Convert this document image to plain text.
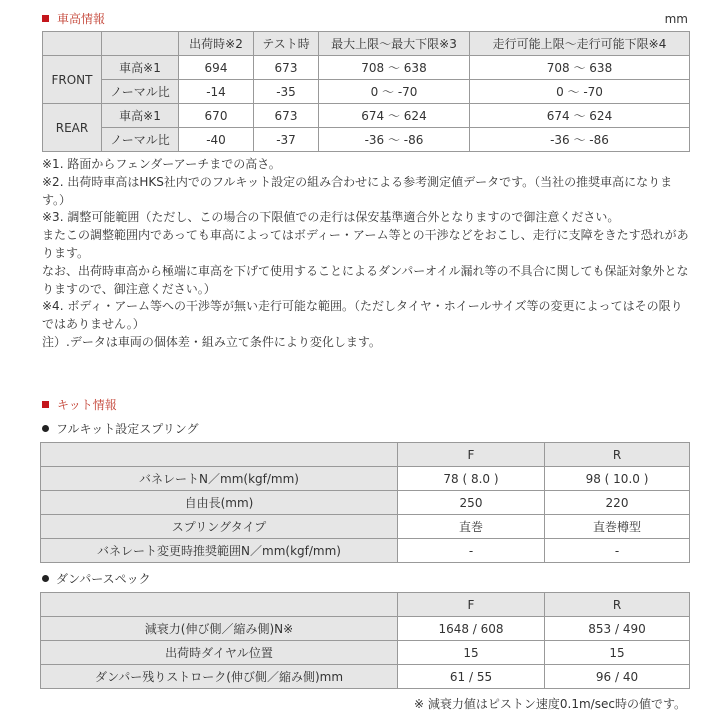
車高情報	mm
		出荷時※2	テスト時	最大上限〜最大下限※3	走行可能上限〜走行可能下限※4
FRONT	車高※1	694	673	708 〜 638	708 〜 638
	ノーマル比	-14	-35	0 〜 -70	0 〜 -70
REAR	車高※1	670	673	674 〜 624	674 〜 624
	ノーマル比	-40	-37	-36 〜 -86	-36 〜 -86

※1. 路面からフェンダーアーチまでの高さ。

※2. 出荷時車高はHKS社内でのフルキット設定の組み合わせによる参考測定値データです。（当社の推奨車高になります。）

※3. 調整可能範囲（ただし、この場合の下限値での走行は保安基準適合外となりますので御注意ください。

またこの調整範囲内であっても車高によってはボディー・アーム等との干渉などをおこし、走行に支障をきたす恐れがあります。

なお、出荷時車高から極端に車高を下げて使用することによるダンパーオイル漏れ等の不具合に関しても保証対象外となりますので、御注意ください。）

※4. ボディ・アーム等への干渉等が無い走行可能な範囲。（ただしタイヤ・ホイールサイズ等の変更によってはその限りではありません。）

注）.データは車両の個体差・組み立て条件により変化します。

キット情報
フルキット設定スプリング
	F	R
バネレートN／mm(kgf/mm)	78 ( 8.0 )	98 ( 10.0 )
自由長(mm)	250	220
スプリングタイプ	直巻	直巻樽型
バネレート変更時推奨範囲N／mm(kgf/mm)	-	-
ダンパースペック
	F	R
減衰力(伸び側／縮み側)N※	1648 / 608	853 / 490
出荷時ダイヤル位置	15	15
ダンパー残りストローク(伸び側／縮み側)mm	61 / 55	96 / 40
※ 減衰力値はピストン速度0.1m/sec時の値です。
